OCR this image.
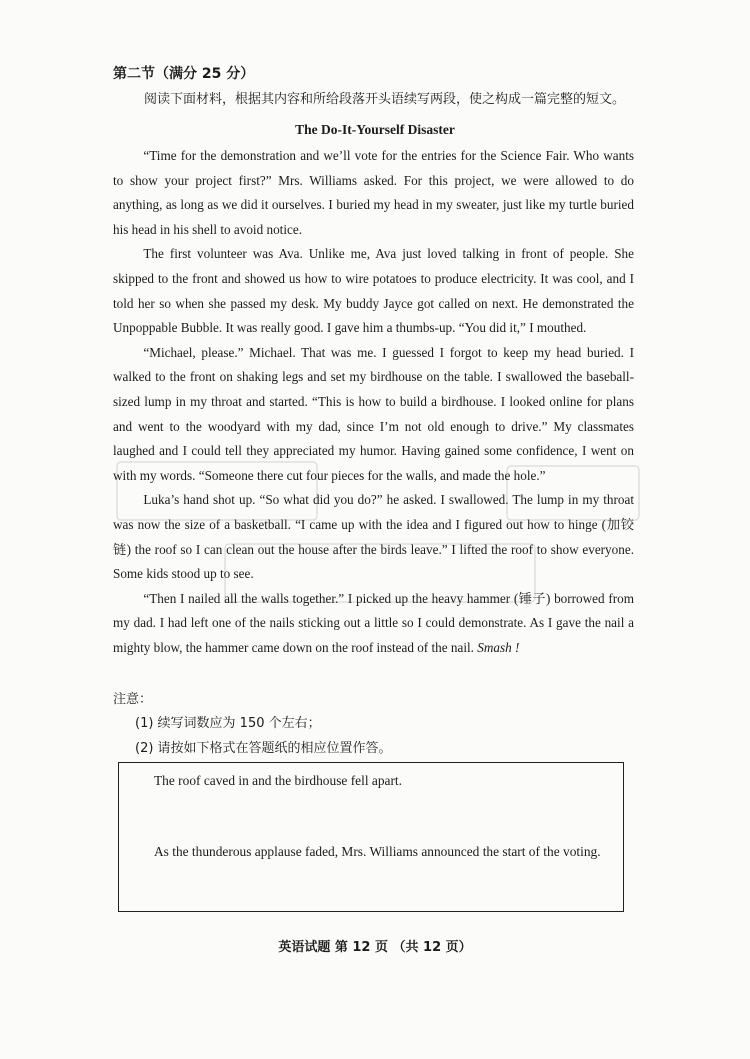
第二节（满分 25 分）
阅读下面材料，根据其内容和所给段落开头语续写两段，使之构成一篇完整的短文。
The Do-It-Yourself Disaster

“Time for the demonstration and we’ll vote for the entries for the Science Fair. Who wants to show your project first?” Mrs. Williams asked. For this project, we were allowed to do anything, as long as we did it ourselves. I buried my head in my sweater, just like my turtle buried his head in his shell to avoid notice.

The first volunteer was Ava. Unlike me, Ava just loved talking in front of people. She skipped to the front and showed us how to wire potatoes to produce electricity. It was cool, and I told her so when she passed my desk. My buddy Jayce got called on next. He demonstrated the Unpoppable Bubble. It was really good. I gave him a thumbs-up. “You did it,” I mouthed.

“Michael, please.” Michael. That was me. I guessed I forgot to keep my head buried. I walked to the front on shaking legs and set my birdhouse on the table. I swallowed the baseball-sized lump in my throat and started. “This is how to build a birdhouse. I looked online for plans and went to the woodyard with my dad, since I’m not old enough to drive.” My classmates laughed and I could tell they appreciated my humor. Having gained some confidence, I went on with my words. “Someone there cut four pieces for the walls, and made the hole.”

Luka’s hand shot up. “So what did you do?” he asked. I swallowed. The lump in my throat was now the size of a basketball. “I came up with the idea and I figured out how to hinge (加铰链) the roof so I can clean out the house after the birds leave.” I lifted the roof to show everyone. Some kids stood up to see.

“Then I nailed all the walls together.” I picked up the heavy hammer (锤子) borrowed from my dad. I had left one of the nails sticking out a little so I could demonstrate. As I gave the nail a mighty blow, the hammer came down on the roof instead of the nail. Smash !

注意：
(1) 续写词数应为 150 个左右；
(2) 请按如下格式在答题纸的相应位置作答。
The roof caved in and the birdhouse fell apart.
As the thunderous applause faded, Mrs. Williams announced the start of the voting.
英语试题 第 12 页 （共 12 页）
